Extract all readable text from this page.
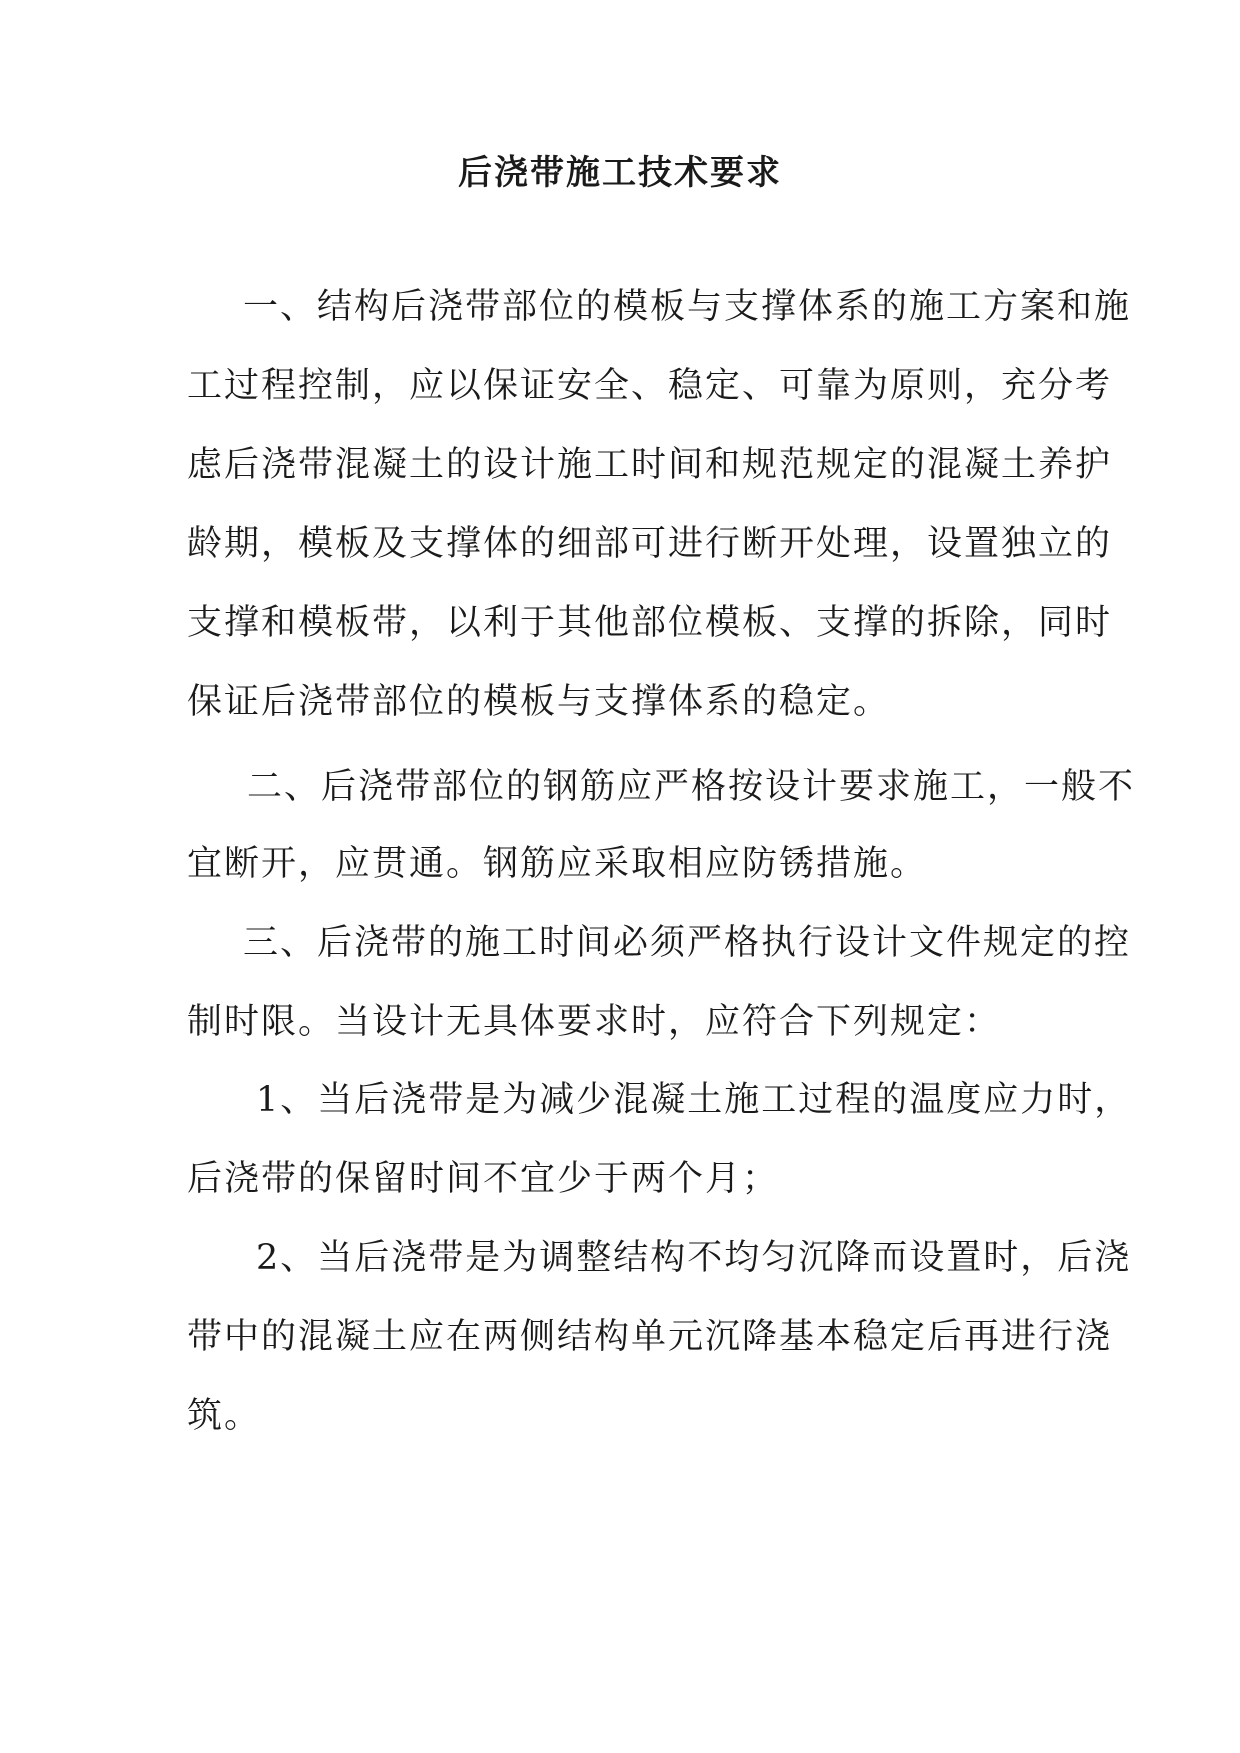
后浇带施工技术要求
一、结构后浇带部位的模板与支撑体系的施工方案和施
工过程控制，应以保证安全、稳定、可靠为原则，充分考
虑后浇带混凝土的设计施工时间和规范规定的混凝土养护
龄期，模板及支撑体的细部可进行断开处理，设置独立的
支撑和模板带，以利于其他部位模板、支撑的拆除，同时
保证后浇带部位的模板与支撑体系的稳定。
二、后浇带部位的钢筋应严格按设计要求施工，一般不
宜断开，应贯通。钢筋应采取相应防锈措施。
三、后浇带的施工时间必须严格执行设计文件规定的控
制时限。当设计无具体要求时，应符合下列规定：
1、当后浇带是为减少混凝土施工过程的温度应力时，
后浇带的保留时间不宜少于两个月；
2、当后浇带是为调整结构不均匀沉降而设置时，后浇
带中的混凝土应在两侧结构单元沉降基本稳定后再进行浇
筑。
